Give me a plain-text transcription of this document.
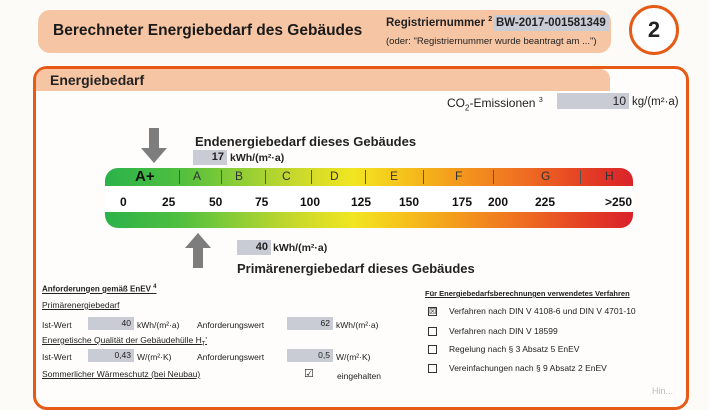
Berechneter Energiebedarf des Gebäudes Registriernummer $^2$ BW-2017-001581349
(oder: "Registriernummer wurde beantragt am ...")	2
Energiebedarf
$CO_2$-Emissionen $^3$	10 kg/(m²·a)
Endenergiebedarf dieses Gebäudes
17 kWh/(m²·a)
A+	A	B	C	D	E	F	G	H
0	25	50	75	100	125 150	175 200 225	>250
40 kWh/(m²·a)
Primärenergiebedarf dieses Gebäudes
Anforderungen gemäß EnEV $^4$
Primärenergiebedarf
Ist-Wert	40 kWh/(m²·a) Anforderungswert	62 kWh/(m²·a)
Energetische Qualität der Gebäudehülle $H_T'$
Ist-Wert	0,43 W/(m²·K)	Anforderungswert	0,5 W/(m²·K)
Sommerlicher Wärmeschutz (bei Neubau)	☑	eingehalten
Für Energiebedarfsberechnungen verwendetes Verfahren
☒ Verfahren nach DIN V 4108-6 und DIN V 4701-10
Verfahren nach DIN V 18599
Regelung nach § 3 Absatz 5 EnEV
Vereinfachungen nach § 9 Absatz 2 EnEV
Hin...
